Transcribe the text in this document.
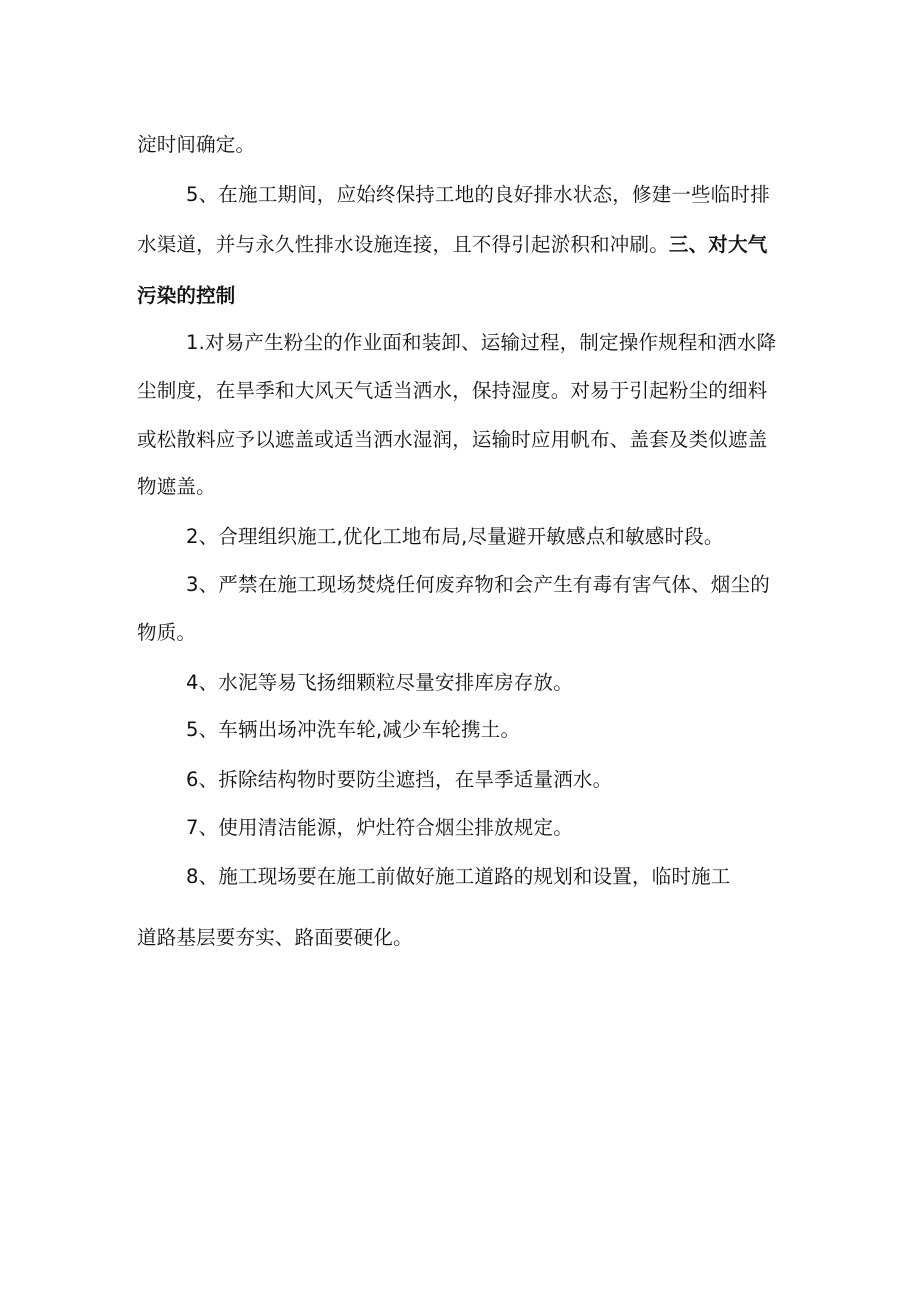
淀时间确定。
5、在施工期间，应始终保持工地的良好排水状态，修建一些临时排
水渠道，并与永久性排水设施连接，且不得引起淤积和冲刷。三、对大气
污染的控制
1.对易产生粉尘的作业面和装卸、运输过程，制定操作规程和洒水降
尘制度，在旱季和大风天气适当洒水，保持湿度。对易于引起粉尘的细料
或松散料应予以遮盖或适当洒水湿润，运输时应用帆布、盖套及类似遮盖
物遮盖。
2、合理组织施工,优化工地布局,尽量避开敏感点和敏感时段。
3、严禁在施工现场焚烧任何废弃物和会产生有毒有害气体、烟尘的
物质。
4、水泥等易飞扬细颗粒尽量安排库房存放。
5、车辆出场冲洗车轮,减少车轮携土。
6、拆除结构物时要防尘遮挡，在旱季适量洒水。
7、使用清洁能源，炉灶符合烟尘排放规定。
8、施工现场要在施工前做好施工道路的规划和设置，临时施工
道路基层要夯实、路面要硬化。
